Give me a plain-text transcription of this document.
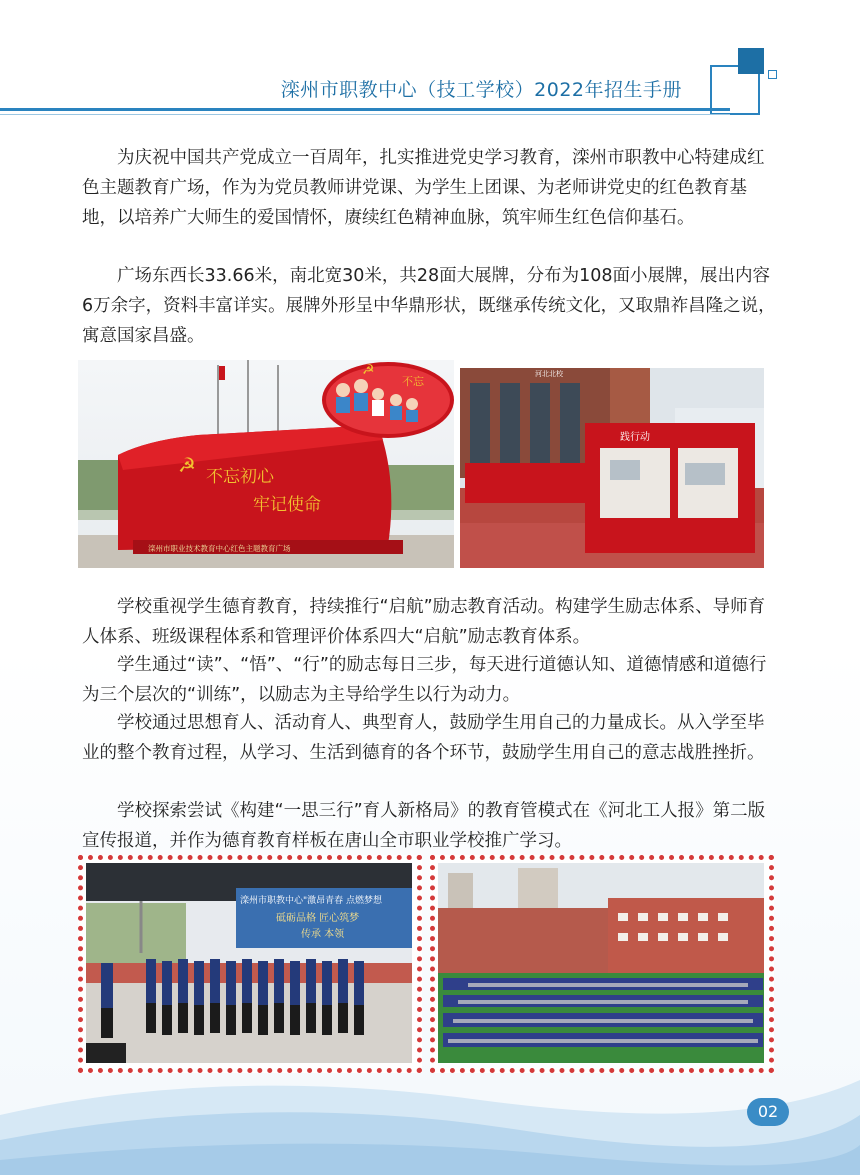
滦州市职教中心（技工学校）2022年招生手册

为庆祝中国共产党成立一百周年，扎实推进党史学习教育，滦州市职教中心特建成红色主题教育广场，作为为党员教师讲党课、为学生上团课、为老师讲党史的红色教育基地，以培养广大师生的爱国情怀，赓续红色精神血脉，筑牢师生红色信仰基石。

广场东西长33.66米，南北宽30米，共28面大展牌，分布为108面小展牌，展出内容6万余字，资料丰富详实。展牌外形呈中华鼎形状，既继承传统文化，又取鼎祚昌隆之说，寓意国家昌盛。

☭ 不忘初心
牢记使命
滦州市职业技术教育中心红色主题教育广场
☭
不忘
河北北校
践行动

学校重视学生德育教育，持续推行“启航”励志教育活动。构建学生励志体系、导师育人体系、班级课程体系和管理评价体系四大“启航”励志教育体系。

学生通过“读”、“悟”、“行”的励志每日三步，每天进行道德认知、道德情感和道德行为三个层次的“训练”，以励志为主导给学生以行为动力。

学校通过思想育人、活动育人、典型育人，鼓励学生用自己的力量成长。从入学至毕业的整个教育过程，从学习、生活到德育的各个环节，鼓励学生用自己的意志战胜挫折。

学校探索尝试《构建“一思三行”育人新格局》的教育管模式在《河北工人报》第二版宣传报道，并作为德育教育样板在唐山全市职业学校推广学习。

滦州市职教中心"激昂青春 点燃梦想
砥砺品格 匠心筑梦
传承 本领
02
